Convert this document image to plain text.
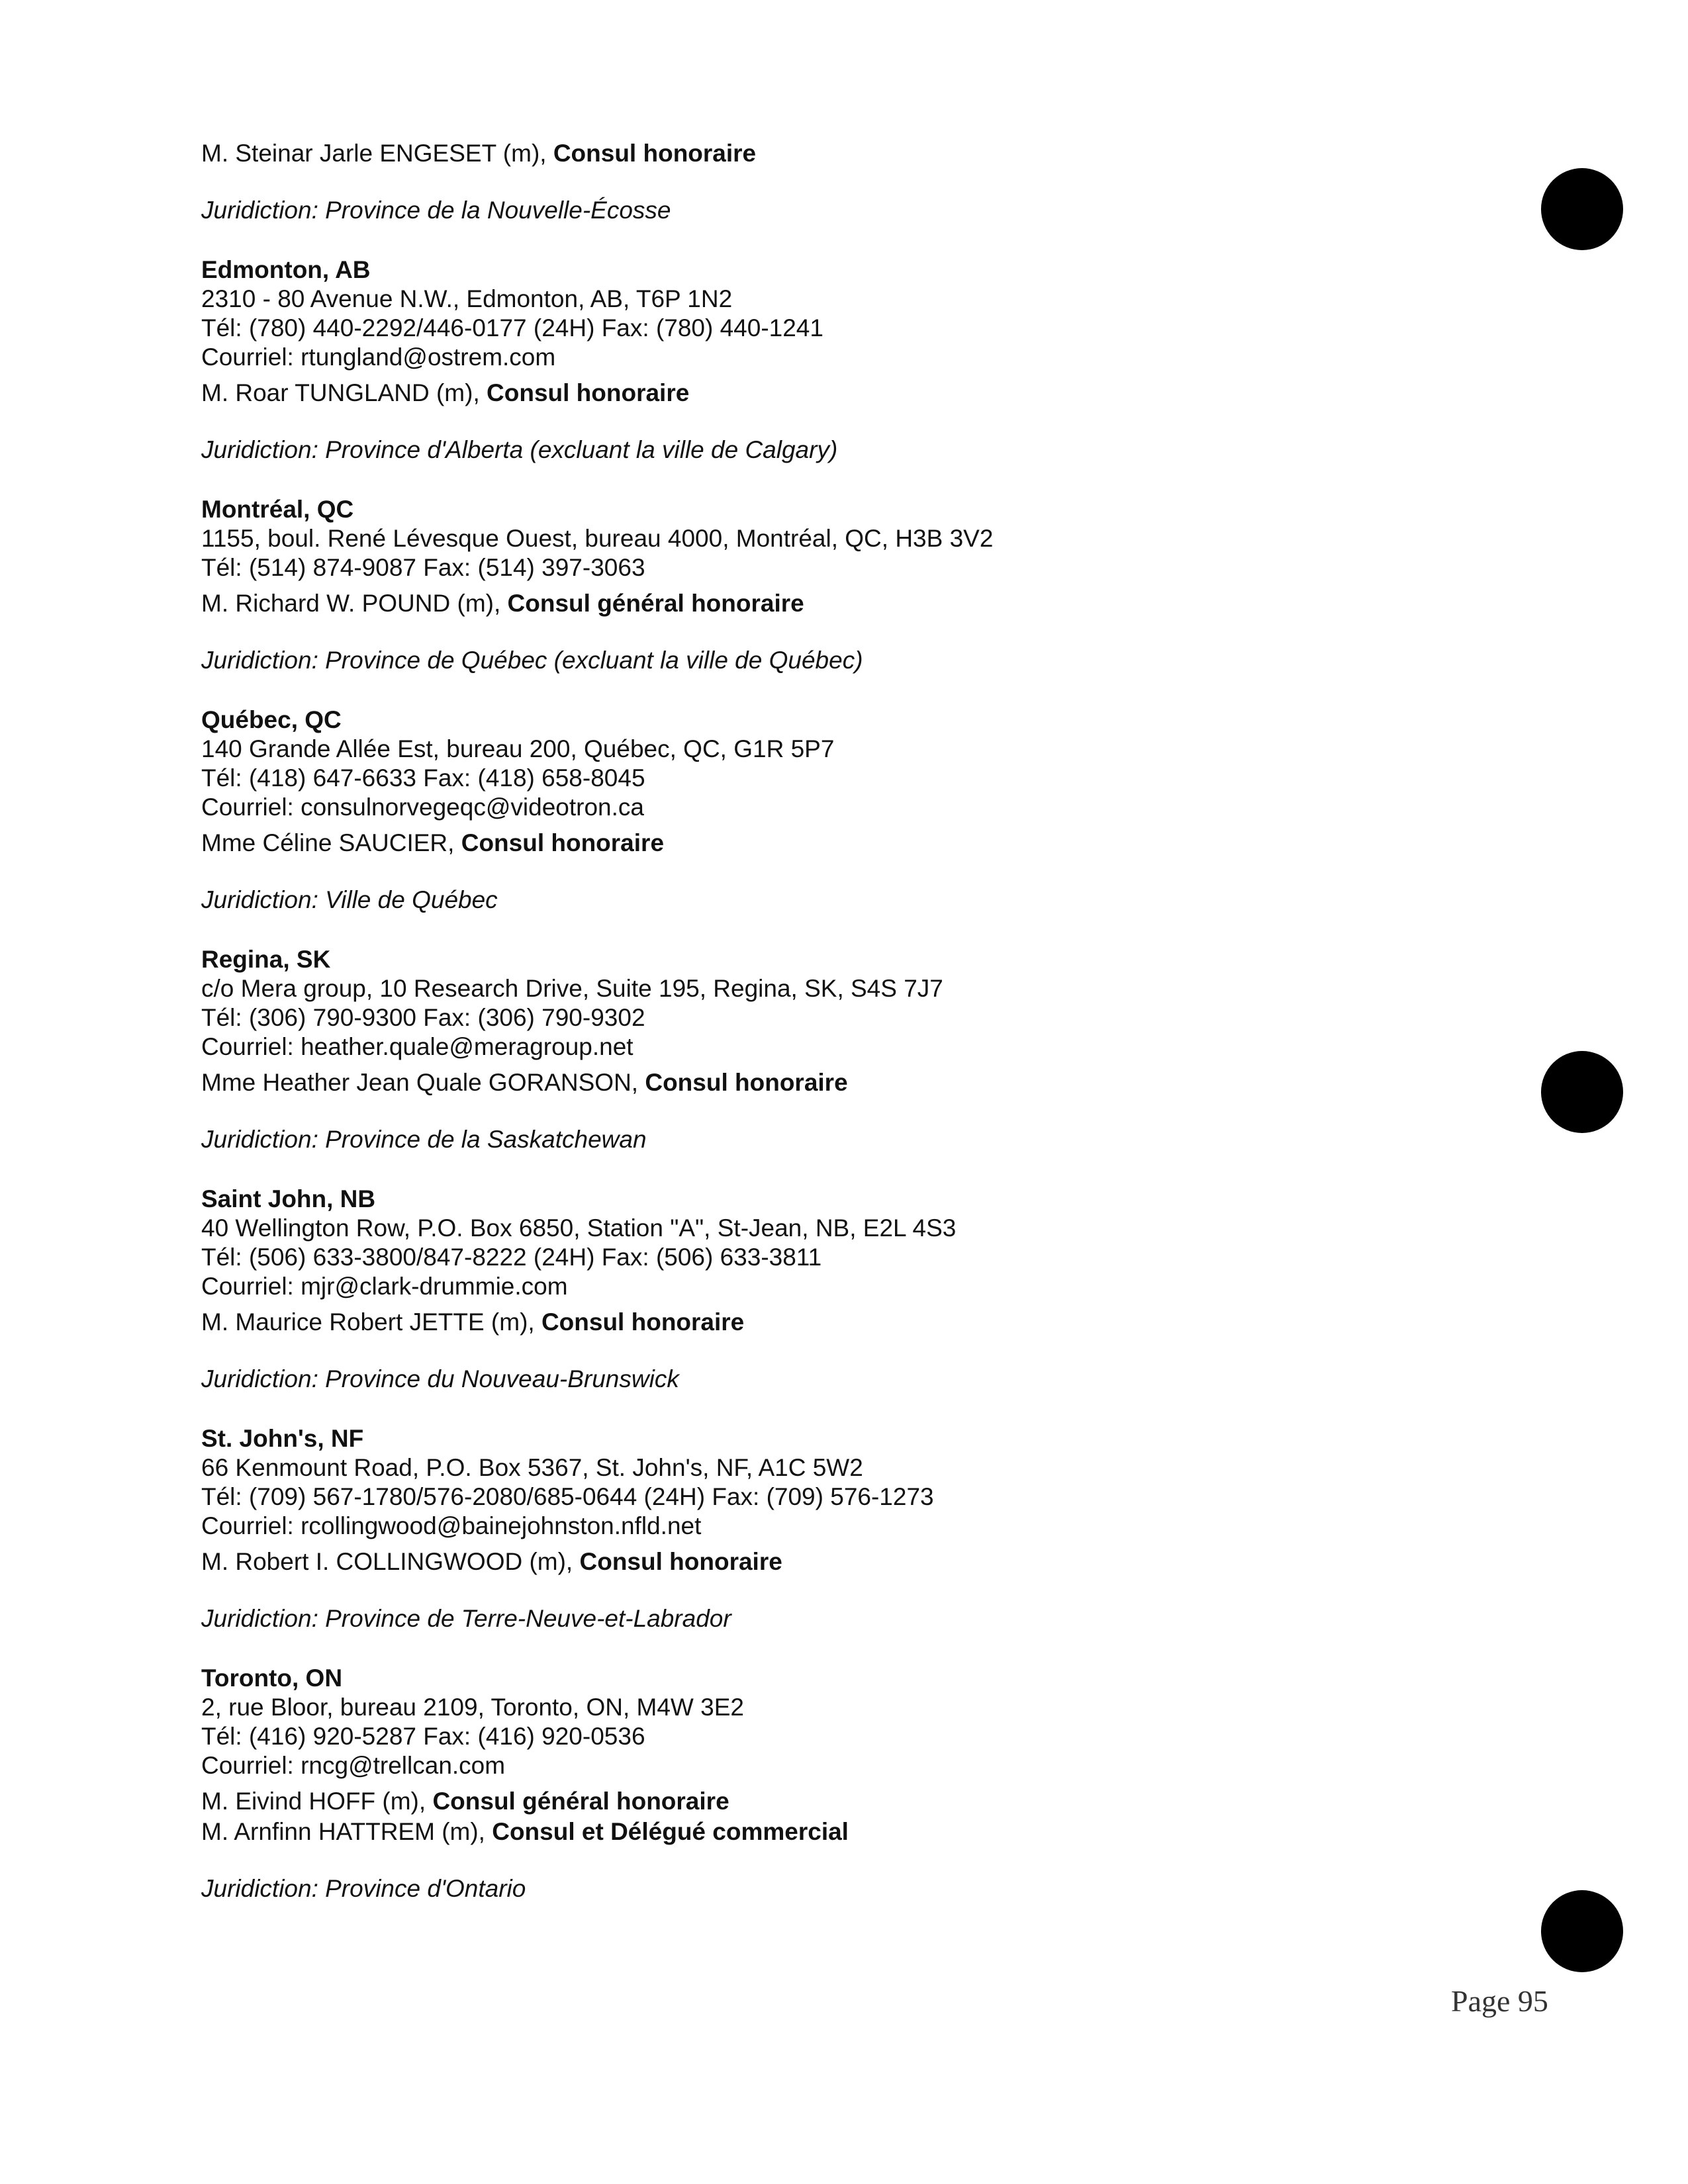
M. Steinar Jarle ENGESET (m), Consul honoraire
Juridiction: Province de la Nouvelle-Écosse
Edmonton, AB
2310 - 80 Avenue N.W., Edmonton, AB, T6P 1N2
Tél: (780) 440-2292/446-0177 (24H) Fax: (780) 440-1241
Courriel: rtungland@ostrem.com
M. Roar TUNGLAND (m), Consul honoraire
Juridiction: Province d'Alberta (excluant la ville de Calgary)
Montréal, QC
1155, boul. René Lévesque Ouest, bureau 4000, Montréal, QC, H3B 3V2
Tél: (514) 874-9087 Fax: (514) 397-3063
M. Richard W. POUND (m), Consul général honoraire
Juridiction: Province de Québec (excluant la ville de Québec)
Québec, QC
140 Grande Allée Est, bureau 200, Québec, QC, G1R 5P7
Tél: (418) 647-6633 Fax: (418) 658-8045
Courriel: consulnorvegeqc@videotron.ca
Mme Céline SAUCIER, Consul honoraire
Juridiction: Ville de Québec
Regina, SK
c/o Mera group, 10 Research Drive, Suite 195, Regina, SK, S4S 7J7
Tél: (306) 790-9300 Fax: (306) 790-9302
Courriel: heather.quale@meragroup.net
Mme Heather Jean Quale GORANSON, Consul honoraire
Juridiction: Province de la Saskatchewan
Saint John, NB
40 Wellington Row, P.O. Box 6850, Station "A", St-Jean, NB, E2L 4S3
Tél: (506) 633-3800/847-8222 (24H) Fax: (506) 633-3811
Courriel: mjr@clark-drummie.com
M. Maurice Robert JETTE (m), Consul honoraire
Juridiction: Province du Nouveau-Brunswick
St. John's, NF
66 Kenmount Road, P.O. Box 5367, St. John's, NF, A1C 5W2
Tél: (709) 567-1780/576-2080/685-0644 (24H) Fax: (709) 576-1273
Courriel: rcollingwood@bainejohnston.nfld.net
M. Robert I. COLLINGWOOD (m), Consul honoraire
Juridiction: Province de Terre-Neuve-et-Labrador
Toronto, ON
2, rue Bloor, bureau 2109, Toronto, ON, M4W 3E2
Tél: (416) 920-5287 Fax: (416) 920-0536
Courriel: rncg@trellcan.com
M. Eivind HOFF (m), Consul général honoraire
M. Arnfinn HATTREM (m), Consul et Délégué commercial
Juridiction: Province d'Ontario
Page 95
